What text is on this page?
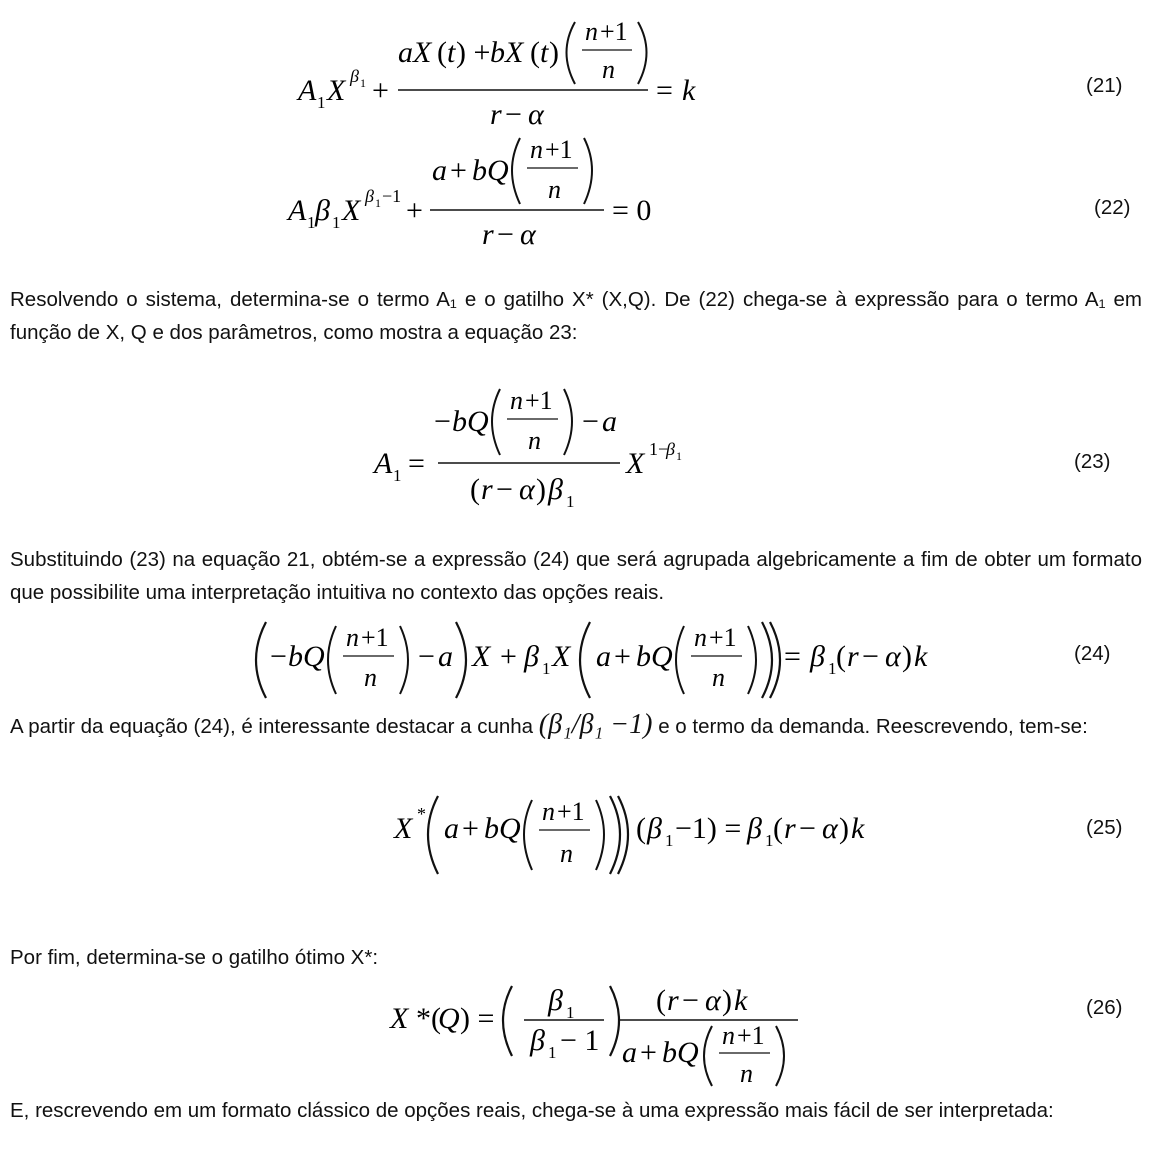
A 1 X β 1 +
aX ( t ) + bX ( t )
n +1
n
r − α
= k	(21)
A 1 β 1 X β 1 −1 +
a + bQ
n +1
n
r − α
= 0	(22)

Resolvendo o sistema, determina-se o termo A₁ e o gatilho X* (X,Q). De (22) chega-se à expressão para o termo A₁ em função de X, Q e dos parâmetros, como mostra a equação 23:

A 1 =
− bQ
n +1
n
− a
( r − α ) β 1
X 1−
β 1	(23)

Substituindo (23) na equação 21, obtém-se a expressão (24) que será agrupada algebricamente a fim de obter um formato que possibilite uma interpretação intuitiva no contexto das opções reais.

− bQ
n +1
n
− a X + β 1 X a + bQ
n +1
n
= β 1 ( r − α ) k	(24)

A partir da equação (24), é interessante destacar a cunha (β₁/β₁ −1) e o termo da demanda. Reescrevendo, tem-se:

X * a + bQ
n +1
n
( β 1 −1) = β 1 ( r − α ) k	(25)

Por fim, determina-se o gatilho ótimo X*:

X *(
Q ) =
β 1
β 1 − 1
( r − α ) k
a + bQ
n +1
n
(26)

E, rescrevendo em um formato clássico de opções reais, chega-se à uma expressão mais fácil de ser interpretada:
